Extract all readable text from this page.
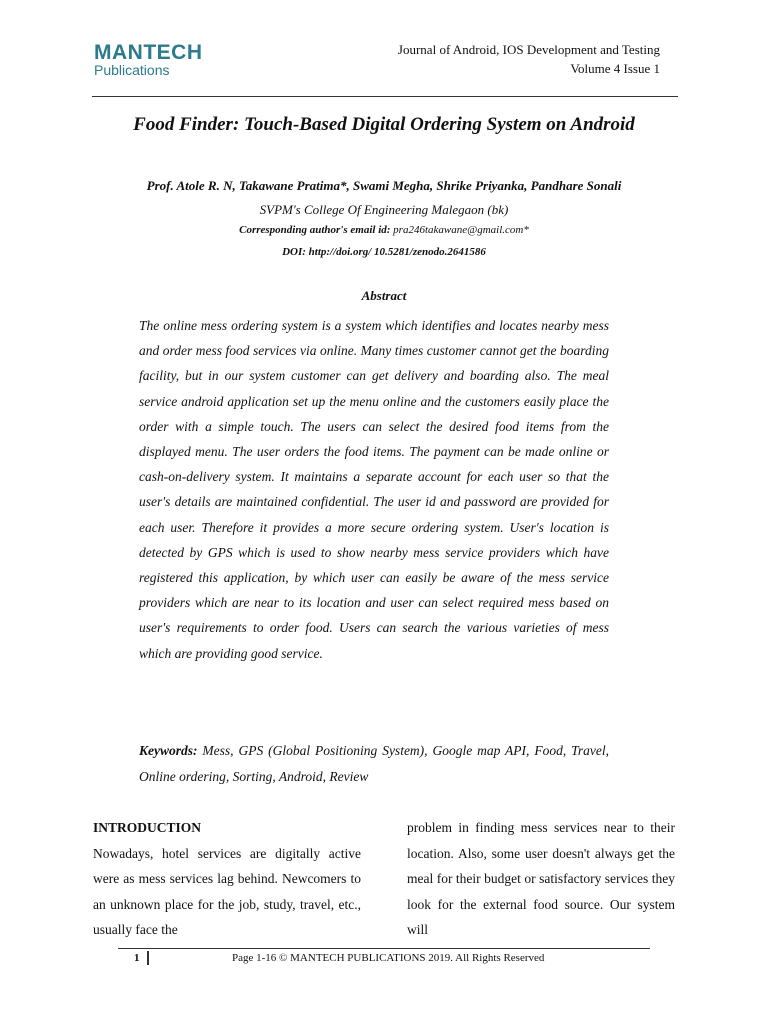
MANTECH
Publications
Journal of Android, IOS Development and Testing
Volume 4 Issue 1
Food Finder: Touch-Based Digital Ordering System on Android
Prof. Atole R. N, Takawane Pratima*, Swami Megha, Shrike Priyanka, Pandhare Sonali
SVPM's College Of Engineering Malegaon (bk)
Corresponding author's email id: pra246takawane@gmail.com*
DOI: http://doi.org/ 10.5281/zenodo.2641586
Abstract
The online mess ordering system is a system which identifies and locates nearby mess and order mess food services via online. Many times customer cannot get the boarding facility, but in our system customer can get delivery and boarding also. The meal service android application set up the menu online and the customers easily place the order with a simple touch. The users can select the desired food items from the displayed menu. The user orders the food items. The payment can be made online or cash-on-delivery system. It maintains a separate account for each user so that the user's details are maintained confidential. The user id and password are provided for each user. Therefore it provides a more secure ordering system. User's location is detected by GPS which is used to show nearby mess service providers which have registered this application, by which user can easily be aware of the mess service providers which are near to its location and user can select required mess based on user's requirements to order food. Users can search the various varieties of mess which are providing good service.
Keywords: Mess, GPS (Global Positioning System), Google map API, Food, Travel, Online ordering, Sorting, Android, Review
INTRODUCTION
Nowadays, hotel services are digitally active were as mess services lag behind. Newcomers to an unknown place for the job, study, travel, etc., usually face the
problem in finding mess services near to their location. Also, some user doesn't always get the meal for their budget or satisfactory services they look for the external food source. Our system will
1	Page 1-16 © MANTECH PUBLICATIONS 2019. All Rights Reserved
